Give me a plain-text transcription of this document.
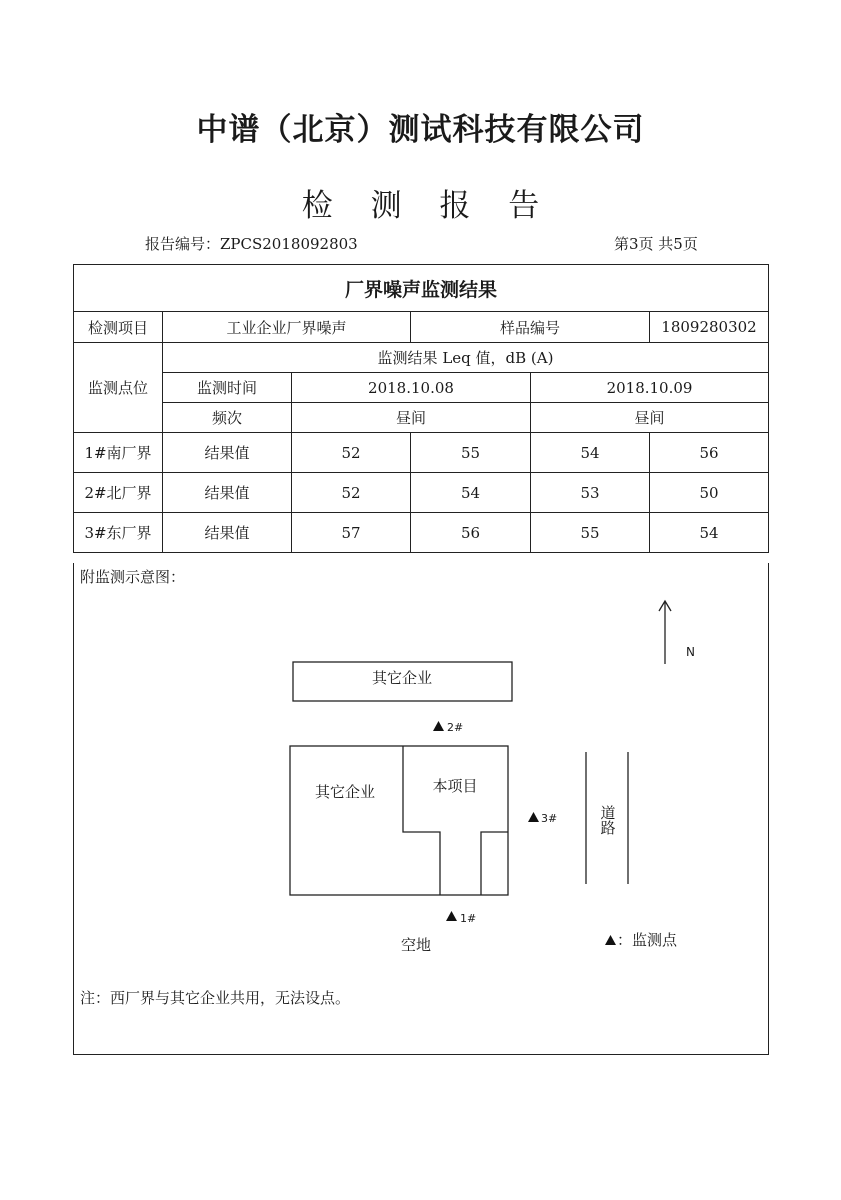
中谱（北京）测试科技有限公司
检 测 报 告
报告编号：ZPCS2018092803	第3页 共5页
厂界噪声监测结果					
检测项目	工业企业厂界噪声		样品编号		1809280302
监测点位	监测结果 Leq 值，dB (A)				
	监测时间	2018.10.08		2018.10.09	
	频次	昼间		昼间	
1#南厂界	结果值	52	55	54	56
2#北厂界	结果值	52	54	53	50
3#东厂界	结果值	57	56	55	54
附监测示意图：
N
其它企业
2#
其它企业	本项目
3#	道
路
1#
空地	：监测点
注：西厂界与其它企业共用，无法设点。
